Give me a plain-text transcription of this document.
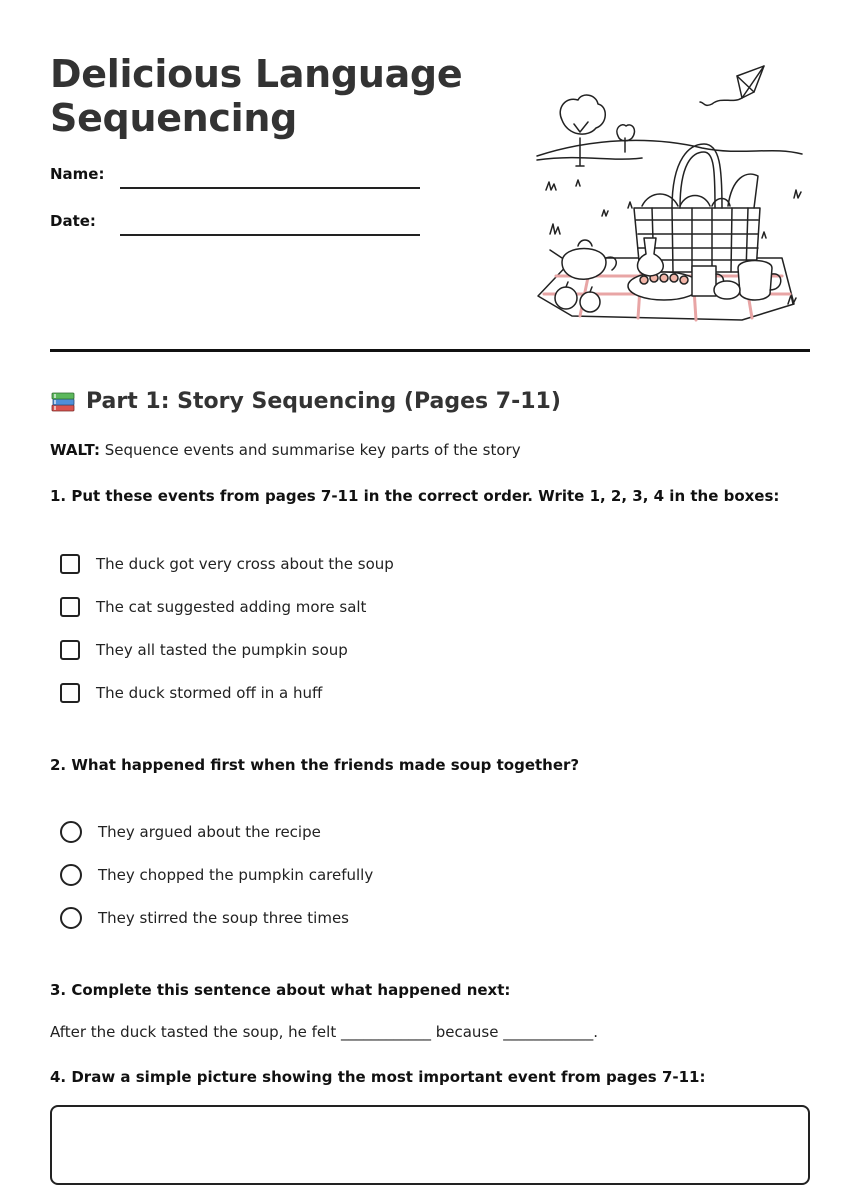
Delicious Language
Sequencing
Name:
Date:
Part 1: Story Sequencing (Pages 7-11)
WALT: Sequence events and summarise key parts of the story
1. Put these events from pages 7-11 in the correct order. Write 1, 2, 3, 4 in the boxes:
The duck got very cross about the soup
The cat suggested adding more salt
They all tasted the pumpkin soup
The duck stormed off in a huff
2. What happened first when the friends made soup together?
They argued about the recipe
They chopped the pumpkin carefully
They stirred the soup three times
3. Complete this sentence about what happened next:
After the duck tasted the soup, he felt ____________ because ____________.
4. Draw a simple picture showing the most important event from pages 7-11:
